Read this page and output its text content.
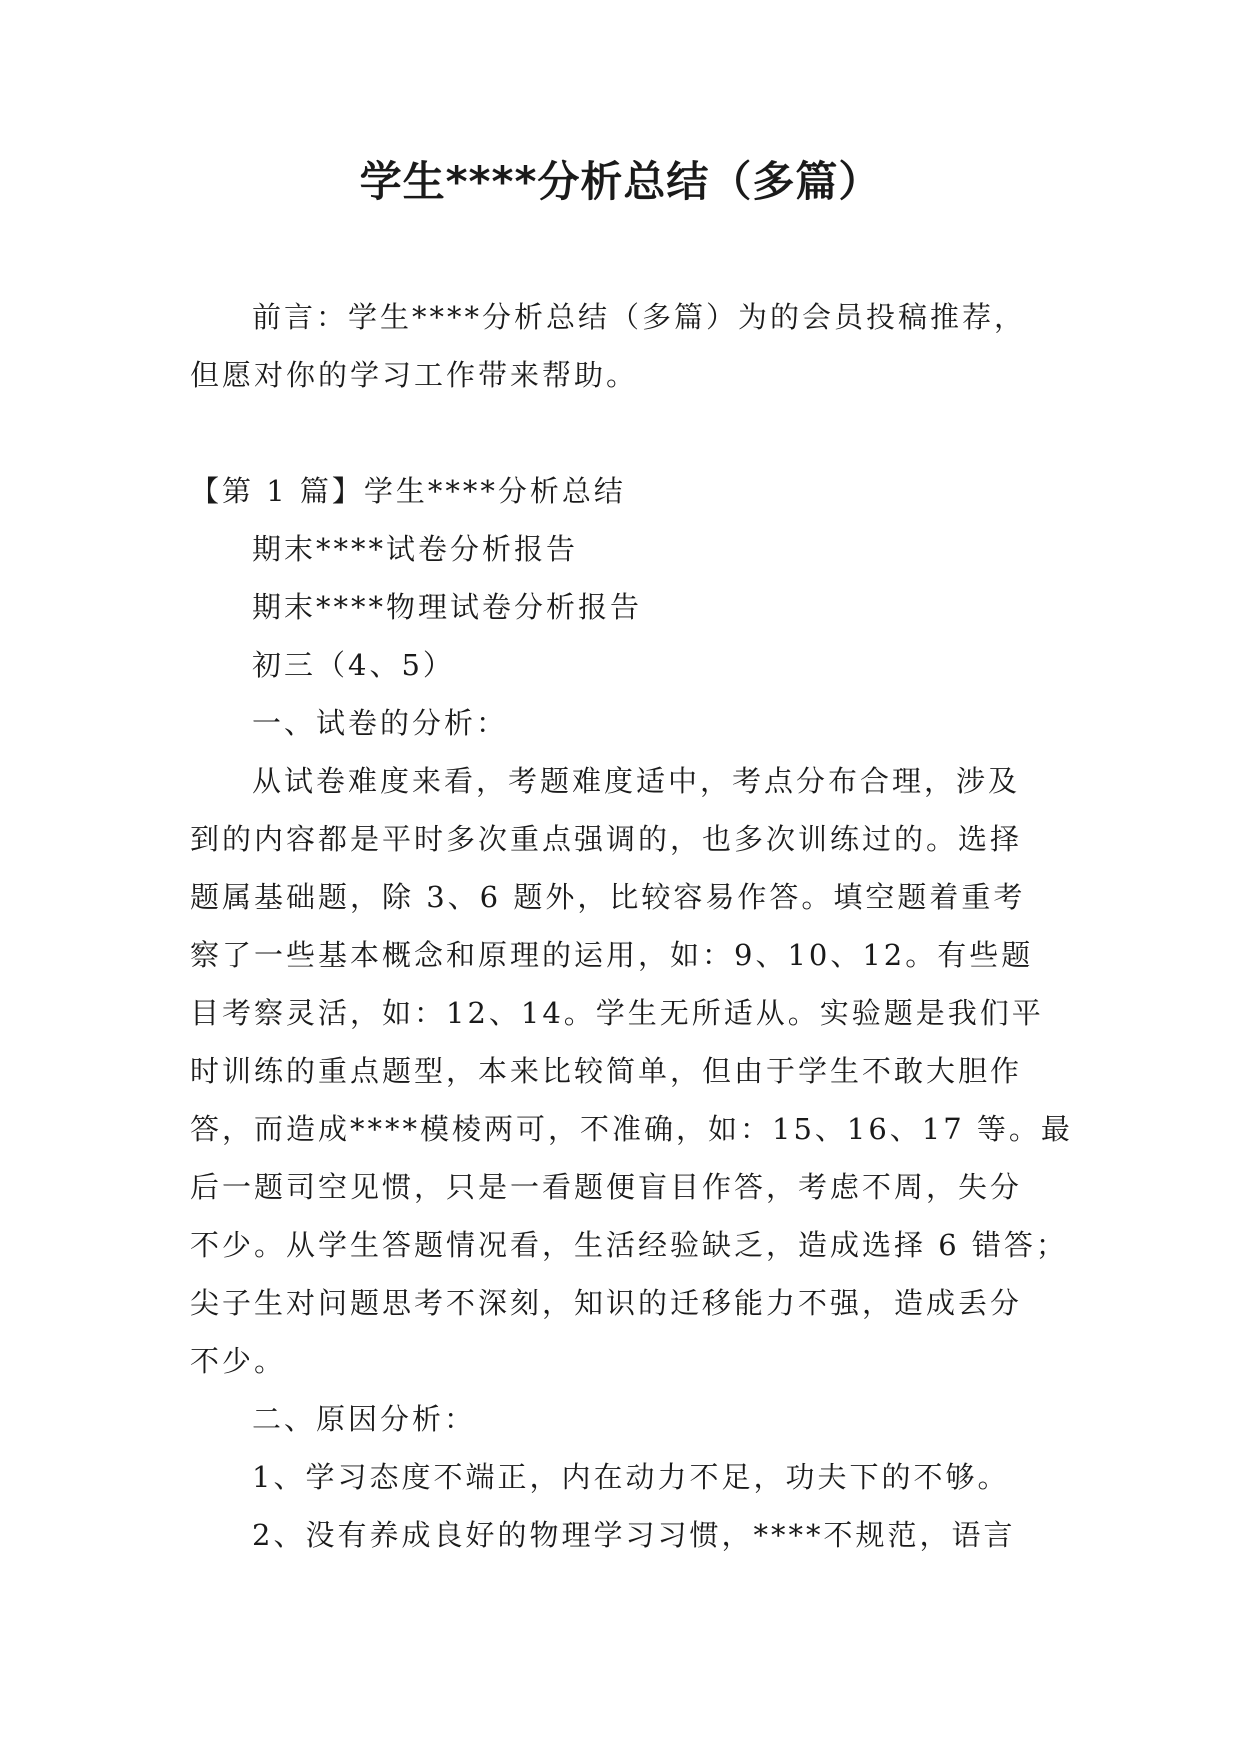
学生****分析总结（多篇）
前言：学生****分析总结（多篇）为的会员投稿推荐，
但愿对你的学习工作带来帮助。
【第 1 篇】学生****分析总结
期末****试卷分析报告
期末****物理试卷分析报告
初三（4、5）
一、试卷的分析：
从试卷难度来看，考题难度适中，考点分布合理，涉及
到的内容都是平时多次重点强调的，也多次训练过的。选择
题属基础题，除 3、6 题外，比较容易作答。填空题着重考
察了一些基本概念和原理的运用，如：9、10、12。有些题
目考察灵活，如：12、14。学生无所适从。实验题是我们平
时训练的重点题型，本来比较简单，但由于学生不敢大胆作
答，而造成****模棱两可，不准确，如：15、16、17 等。最
后一题司空见惯，只是一看题便盲目作答，考虑不周，失分
不少。从学生答题情况看，生活经验缺乏，造成选择 6 错答；
尖子生对问题思考不深刻，知识的迁移能力不强，造成丢分
不少。
二、原因分析：
1、学习态度不端正，内在动力不足，功夫下的不够。
2、没有养成良好的物理学习习惯，****不规范，语言
